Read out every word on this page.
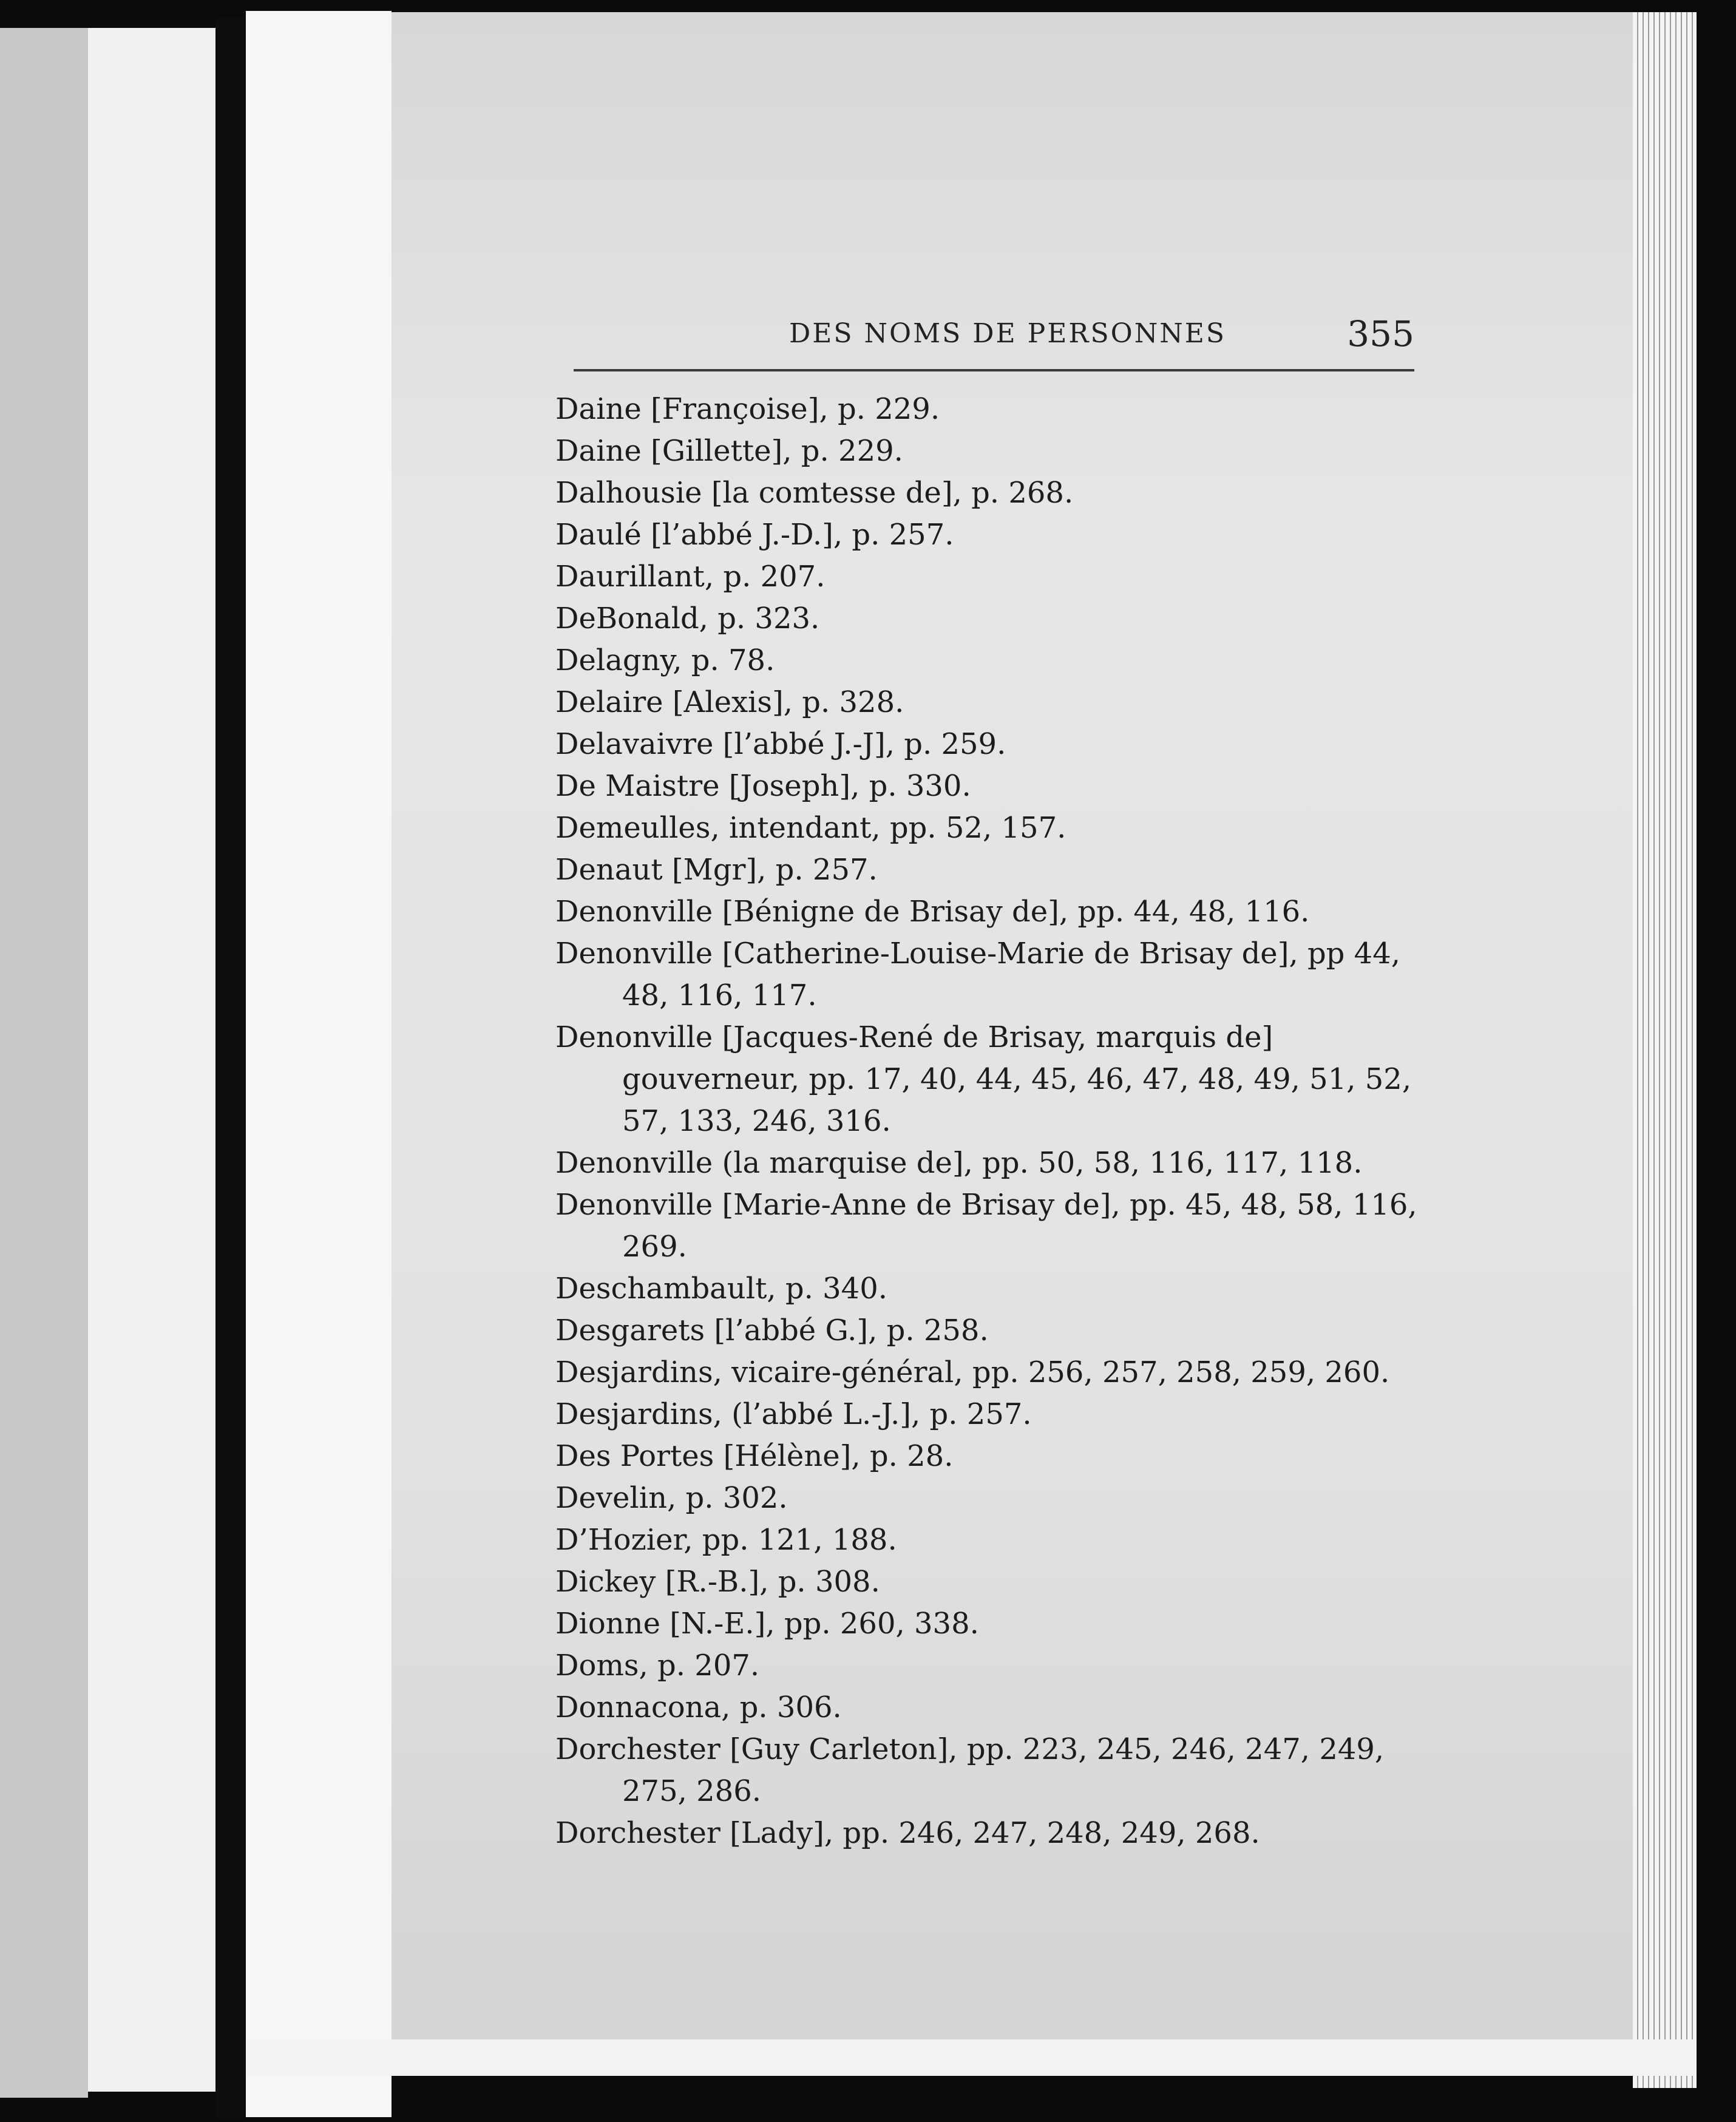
DES NOMS DE PERSONNES	355
Daine [Françoise], p. 229.
Daine [Gillette], p. 229.
Dalhousie [la comtesse de], p. 268.
Daulé [l’abbé J.-D.], p. 257.
Daurillant, p. 207.
DeBonald, p. 323.
Delagny, p. 78.
Delaire [Alexis], p. 328.
Delavaivre [l’abbé J.-J], p. 259.
De Maistre [Joseph], p. 330.
Demeulles, intendant, pp. 52, 157.
Denaut [Mgr], p. 257.
Denonville [Bénigne de Brisay de], pp. 44, 48, 116.
Denonville [Catherine-Louise-Marie de Brisay de], pp 44, 48, 116, 117.
Denonville [Jacques-René de Brisay, marquis de] gouverneur, pp. 17, 40, 44, 45, 46, 47, 48, 49, 51, 52, 57, 133, 246, 316.
Denonville (la marquise de], pp. 50, 58, 116, 117, 118.
Denonville [Marie-Anne de Brisay de], pp. 45, 48, 58, 116, 269.
Deschambault, p. 340.
Desgarets [l’abbé G.], p. 258.
Desjardins, vicaire-général, pp. 256, 257, 258, 259, 260.
Desjardins, (l’abbé L.-J.], p. 257.
Des Portes [Hélène], p. 28.
Develin, p. 302.
D’Hozier, pp. 121, 188.
Dickey [R.-B.], p. 308.
Dionne [N.-E.], pp. 260, 338.
Doms, p. 207.
Donnacona, p. 306.
Dorchester [Guy Carleton], pp. 223, 245, 246, 247, 249, 275, 286.
Dorchester [Lady], pp. 246, 247, 248, 249, 268.
